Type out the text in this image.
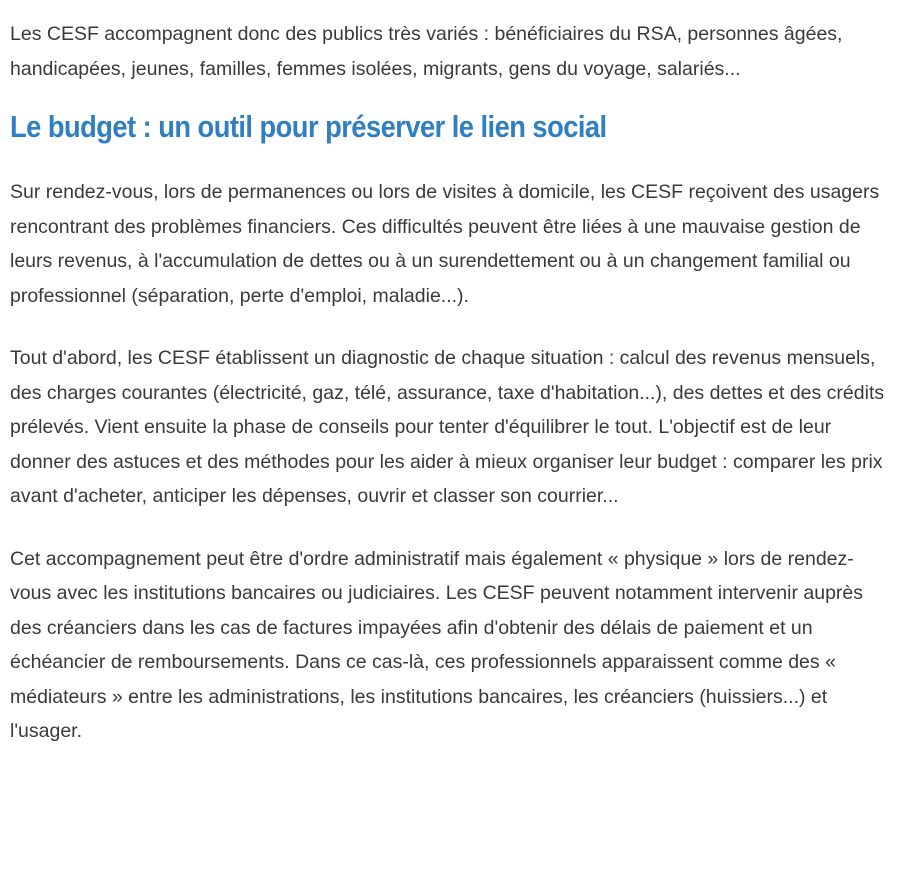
Les CESF accompagnent donc des publics très variés : bénéficiaires du RSA, personnes âgées, handicapées, jeunes, familles, femmes isolées, migrants, gens du voyage, salariés...

Le budget : un outil pour préserver le lien social

Sur rendez-vous, lors de permanences ou lors de visites à domicile, les CESF reçoivent des usagers rencontrant des problèmes financiers. Ces difficultés peuvent être liées à une mauvaise gestion de leurs revenus, à l'accumulation de dettes ou à un surendettement ou à un changement familial ou professionnel (séparation, perte d'emploi, maladie...).

Tout d'abord, les CESF établissent un diagnostic de chaque situation : calcul des revenus mensuels, des charges courantes (électricité, gaz, télé, assurance, taxe d'habitation...), des dettes et des crédits prélevés. Vient ensuite la phase de conseils pour tenter d'équilibrer le tout. L'objectif est de leur donner des astuces et des méthodes pour les aider à mieux organiser leur budget : comparer les prix avant d'acheter, anticiper les dépenses, ouvrir et classer son courrier...

Cet accompagnement peut être d'ordre administratif mais également « physique » lors de rendez-vous avec les institutions bancaires ou judiciaires. Les CESF peuvent notamment intervenir auprès des créanciers dans les cas de factures impayées afin d'obtenir des délais de paiement et un échéancier de remboursements. Dans ce cas-là, ces professionnels apparaissent comme des « médiateurs » entre les administrations, les institutions bancaires, les créanciers (huissiers...) et l'usager.
